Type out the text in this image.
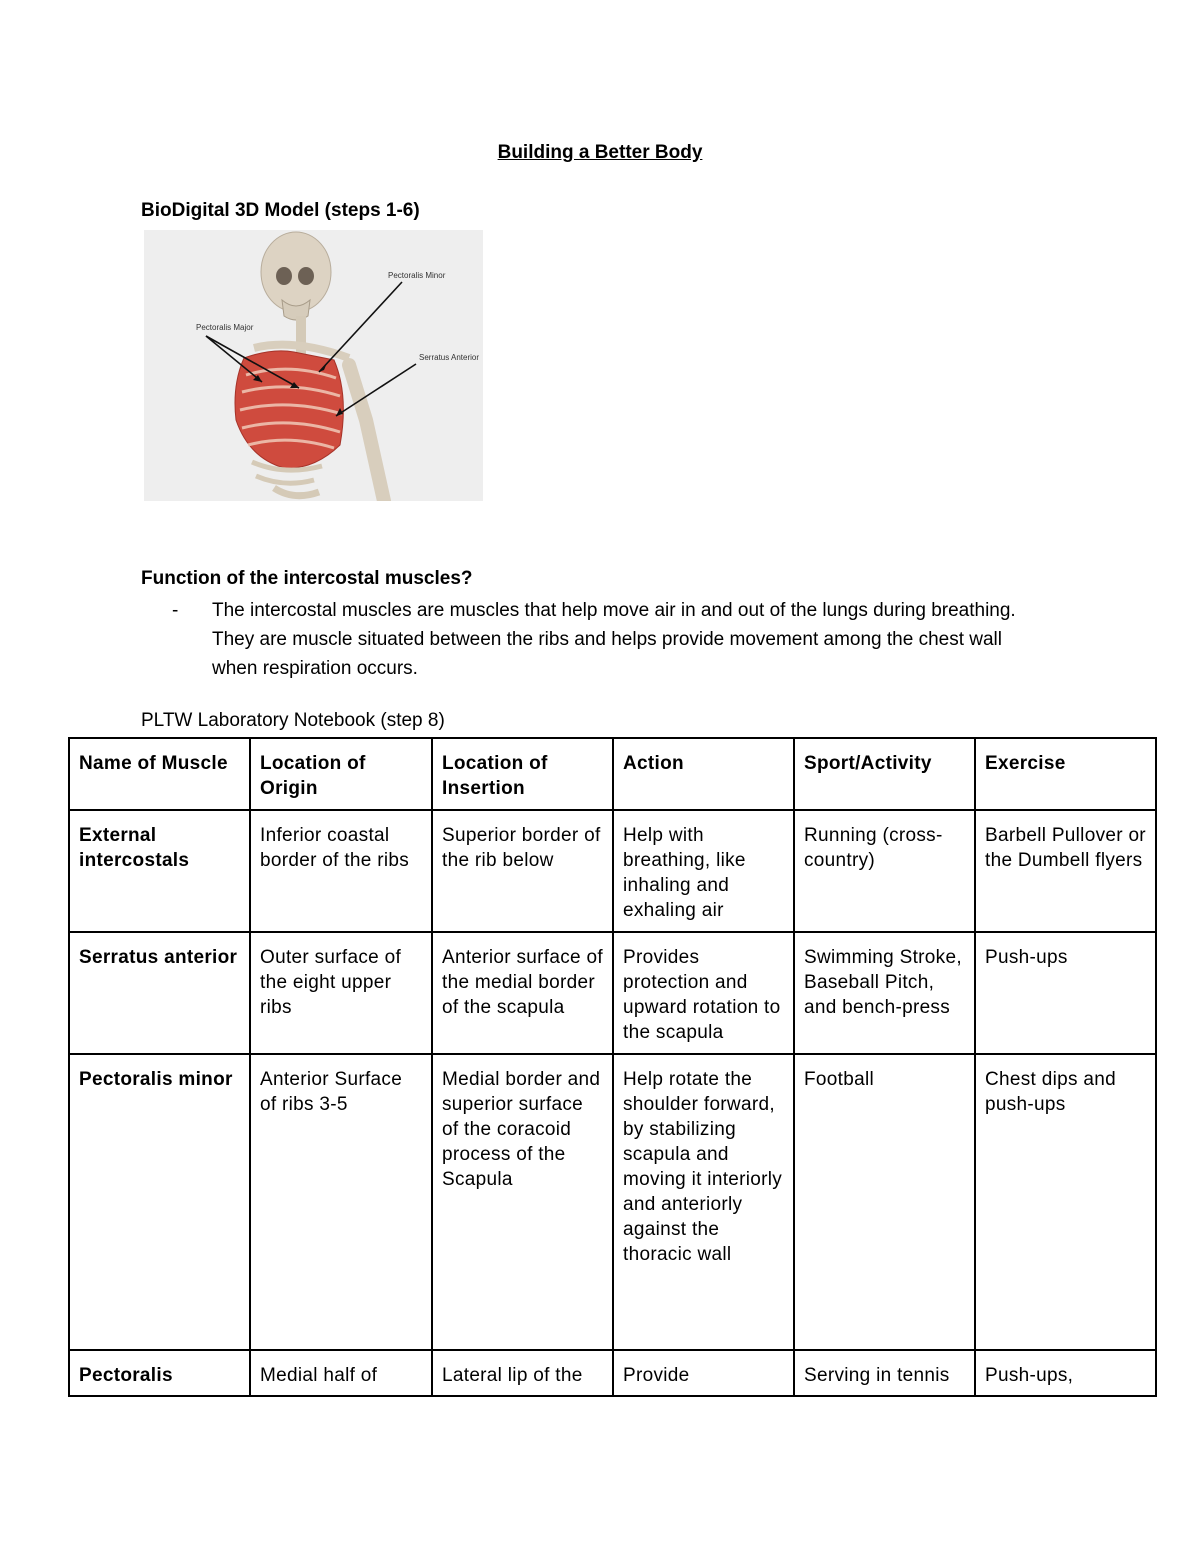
Building a Better Body
BioDigital 3D Model (steps 1-6)
Pectoralis Minor
Pectoralis Major
Serratus Anterior
Function of the intercostal muscles?
- The intercostal muscles are muscles that help move air in and out of the lungs during breathing. They are muscle situated between the ribs and helps provide movement among the chest wall when respiration occurs.
PLTW Laboratory Notebook (step 8)
Name of Muscle	Location of Origin	Location of Insertion	Action	Sport/Activity	Exercise
External intercostals	Inferior coastal border of the ribs	Superior border of the rib below	Help with breathing, like inhaling and exhaling air	Running (cross-country)	Barbell Pullover or the Dumbell flyers
Serratus anterior	Outer surface of the eight upper ribs	Anterior surface of the medial border of the scapula	Provides protection and upward rotation to the scapula	Swimming Stroke, Baseball Pitch, and bench-press	Push-ups
Pectoralis minor	Anterior Surface of ribs 3-5	Medial border and superior surface of the coracoid process of the Scapula	Help rotate the shoulder forward, by stabilizing scapula and moving it interiorly and anteriorly against the thoracic wall	Football	Chest dips and push-ups
Pectoralis	Medial half of	Lateral lip of the	Provide	Serving in tennis	Push-ups,
